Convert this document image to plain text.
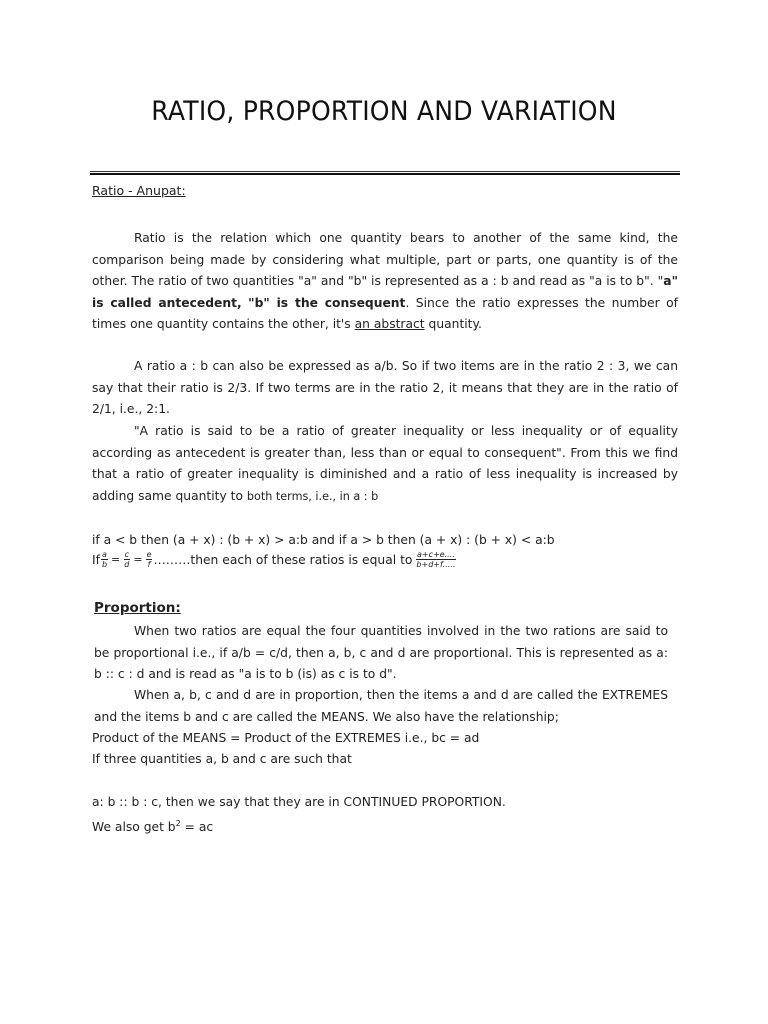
RATIO, PROPORTION AND VARIATION
Ratio - Anupat:
Ratio is the relation which one quantity bears to another of the same kind, the comparison being made by considering what multiple, part or parts, one quantity is of the other. The ratio of two quantities "a" and "b" is represented as a : b and read as "a is to b". "a" is called antecedent, "b" is the consequent. Since the ratio expresses the number of times one quantity contains the other, it's an abstract quantity.
A ratio a : b can also be expressed as a/b. So if two items are in the ratio 2 : 3, we can say that their ratio is 2/3. If two terms are in the ratio 2, it means that they are in the ratio of 2/1, i.e., 2:1.
"A ratio is said to be a ratio of greater inequality or less inequality or of equality according as antecedent is greater than, less than or equal to consequent". From this we find that a ratio of greater inequality is diminished and a ratio of less inequality is increased by adding same quantity to both terms, i.e., in a : b
if a < b then (a + x) : (b + x) > a:b and if a > b then (a + x) : (b + x) < a:b
If $\frac{a}{b} = \frac{c}{d} = \frac{e}{f}$ ………then each of these ratios is equal to $\frac{a+c+e....}{b+d+f.....}$
Proportion:
When two ratios are equal the four quantities involved in the two rations are said to be proportional i.e., if a/b = c/d, then a, b, c and d are proportional. This is represented as a: b :: c : d and is read as "a is to b (is) as c is to d".
When a, b, c and d are in proportion, then the items a and d are called the EXTREMES and the items b and c are called the MEANS. We also have the relationship;
Product of the MEANS = Product of the EXTREMES i.e., bc = ad
If three quantities a, b and c are such that
a: b :: b : c, then we say that they are in CONTINUED PROPORTION.
We also get $b^2$ = ac
